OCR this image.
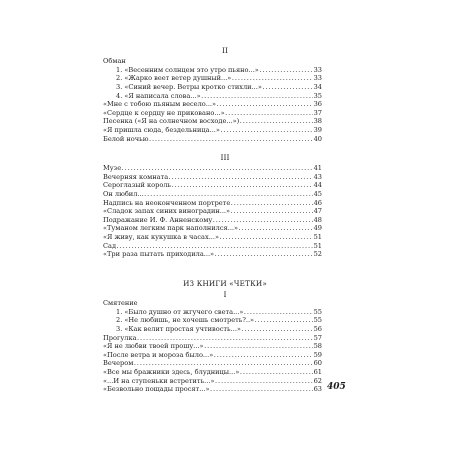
II
Обман
1. «Весенним солнцем это утро пьяно...» . . .	33
2. «Жарко веет ветер душный...» . . .	33
3. «Синий вечер. Ветры кротко стихли...» . . .	34
4. «Я написала слова...» . . .	35
«Мне с тобою пьяным весело...» . . .	36
«Сердце к сердцу не приковано...» . . .	37
Песенка («Я на солнечном восходе...») . . .	38
«Я пришла сюда, бездельница...» . . .	39
Белой ночью . . .	40
III
Музе . . .	41
Вечерняя комната . . .	43
Сероглазый король . . .	44
Он любил... . . .	45
Надпись на неоконченном портрете . . .	46
«Сладок запах синих виноградин...» . . .	47
Подражание И. Ф. Анненскому . . .	48
«Туманом легким парк наполнился...» . . .	49
«Я живу, как кукушка в часах...» . . .	51
Сад . . .	51
«Три раза пытать приходила...» . . .	52
ИЗ КНИГИ «ЧЕТКИ»
I
Смятение
1. «Было душно от жгучего света...» . . .	55
2. «Не любишь, не хочешь смотреть?..» . . .	55
3. «Как велит простая учтивость...» . . .	56
Прогулка . . .	57
«Я не любви твоей прошу...» . . .	58
«После ветра и мороза было...» . . .	59
Вечером . . .	60
«Все мы бражники здесь, блудницы...» . . .	61
«...И на ступеньки встретить...» . . .	62
«Безвольно пощады просят...» . . .	63 405
